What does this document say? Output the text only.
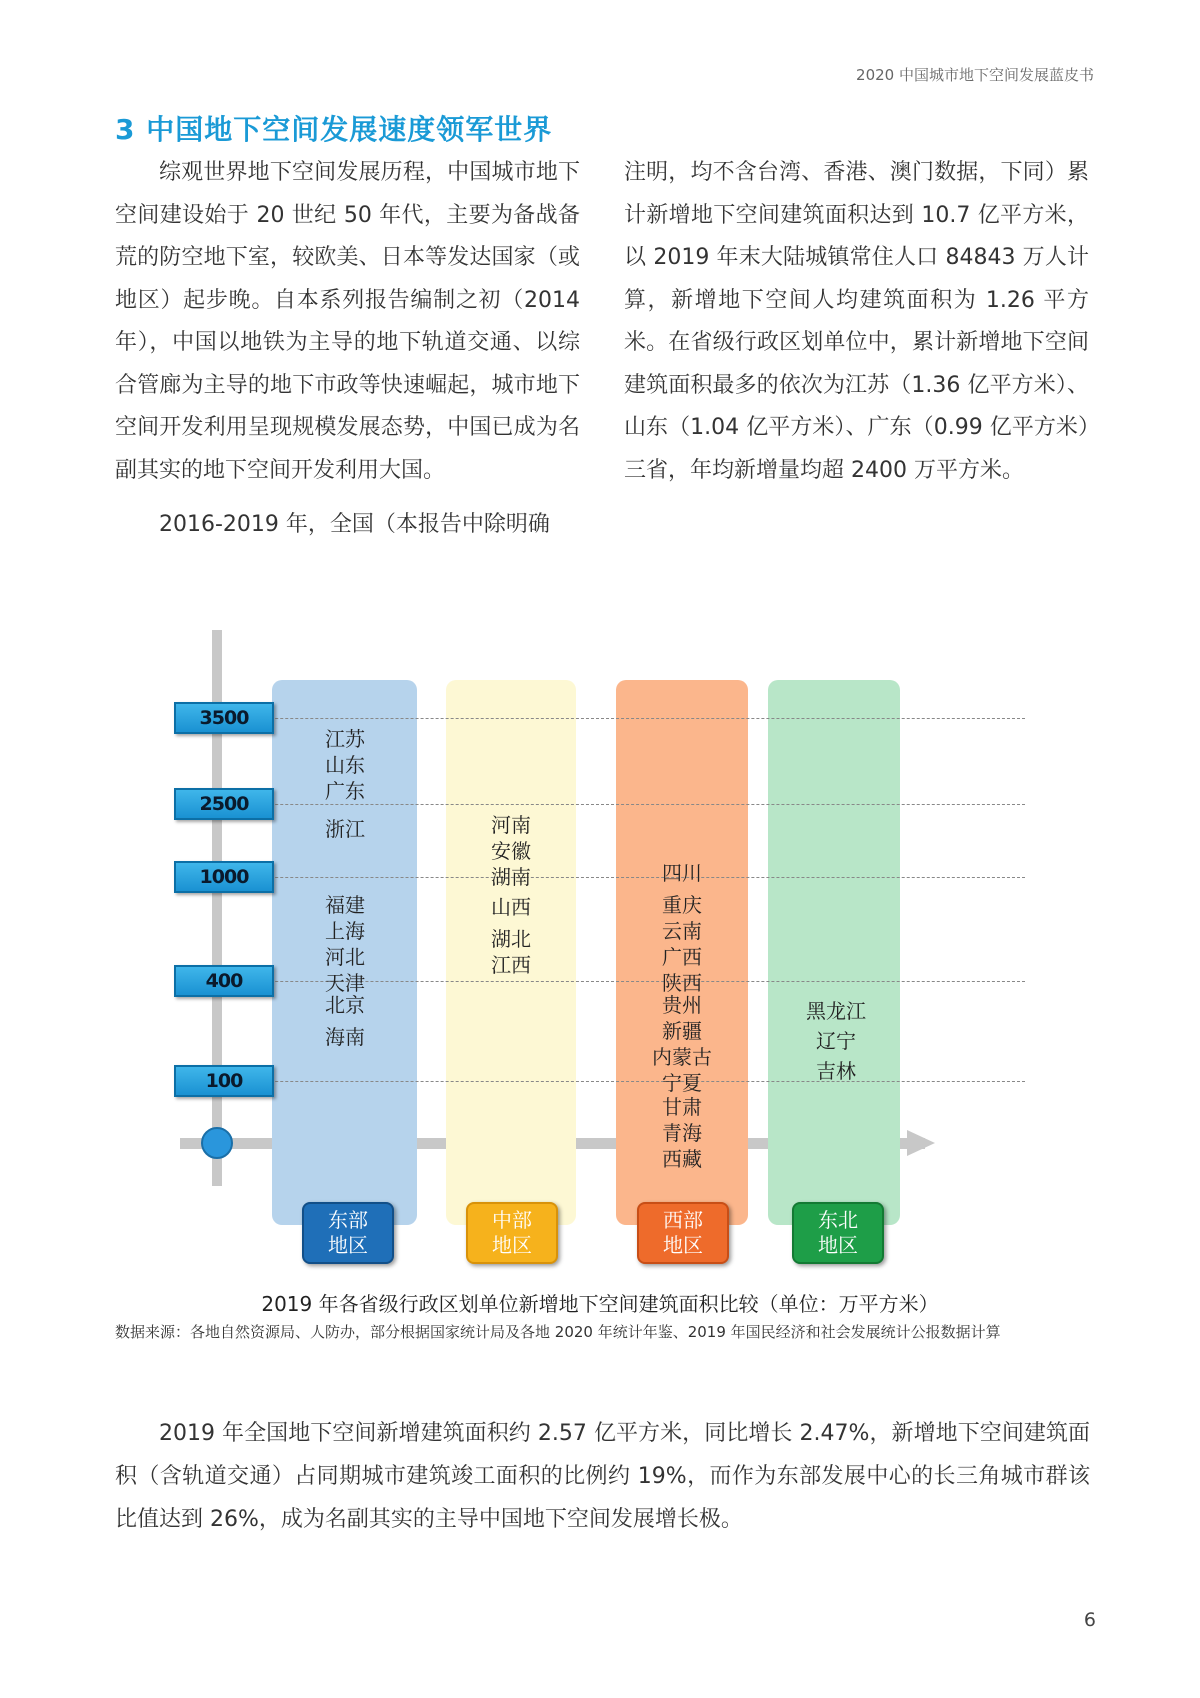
2020 中国城市地下空间发展蓝皮书
3 中国地下空间发展速度领军世界

综观世界地下空间发展历程，中国城市地下空间建设始于 20 世纪 50 年代，主要为备战备荒的防空地下室，较欧美、日本等发达国家（或地区）起步晚。自本系列报告编制之初（2014 年），中国以地铁为主导的地下轨道交通、以综合管廊为主导的地下市政等快速崛起，城市地下空间开发利用呈现规模发展态势，中国已成为名副其实的地下空间开发利用大国。

2016-2019 年，全国（本报告中除明确

注明，均不含台湾、香港、澳门数据，下同）累计新增地下空间建筑面积达到 10.7 亿平方米，以 2019 年末大陆城镇常住人口 84843 万人计算，新增地下空间人均建筑面积为 1.26 平方米。在省级行政区划单位中，累计新增地下空间建筑面积最多的依次为江苏（1.36 亿平方米）、山东（1.04 亿平方米）、广东（0.99 亿平方米）三省，年均新增量均超 2400 万平方米。

3500
2500
1000
400
100
江苏
山东
广东
浙江
福建
上海
河北
天津
北京
海南
河南
安徽
湖南
山西
湖北
江西
四川
重庆
云南
广西
陕西
贵州
新疆
内蒙古
宁夏
甘肃
青海
西藏
黑龙江
辽宁
吉林
东部
地区
中部
地区
西部
地区
东北
地区
2019 年各省级行政区划单位新增地下空间建筑面积比较（单位：万平方米）
数据来源：各地自然资源局、人防办，部分根据国家统计局及各地 2020 年统计年鉴、2019 年国民经济和社会发展统计公报数据计算

2019 年全国地下空间新增建筑面积约 2.57 亿平方米，同比增长 2.47%，新增地下空间建筑面积（含轨道交通）占同期城市建筑竣工面积的比例约 19%，而作为东部发展中心的长三角城市群该比值达到 26%，成为名副其实的主导中国地下空间发展增长极。

6
